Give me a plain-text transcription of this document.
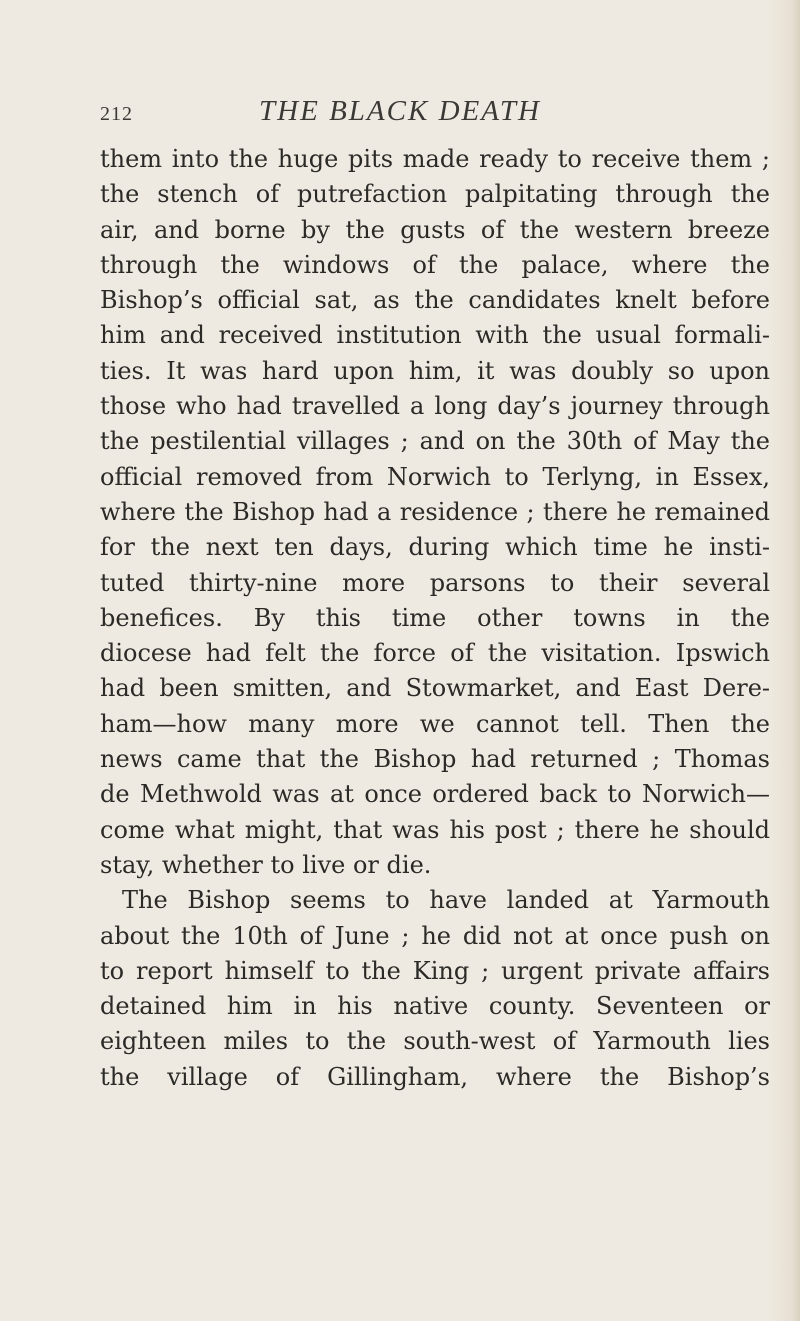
212	THE BLACK DEATH
them into the huge pits made ready to receive them ;
the stench of putrefaction palpitating through the
air, and borne by the gusts of the western breeze
through the windows of the palace, where the
Bishop’s official sat, as the candidates knelt before
him and received institution with the usual formali-
ties. It was hard upon him, it was doubly so upon
those who had travelled a long day’s journey through
the pestilential villages ; and on the 30th of May the
official removed from Norwich to Terlyng, in Essex,
where the Bishop had a residence ; there he remained
for the next ten days, during which time he insti-
tuted thirty-nine more parsons to their several
benefices. By this time other towns in the
diocese had felt the force of the visitation. Ipswich
had been smitten, and Stowmarket, and East Dere-
ham—how many more we cannot tell. Then the
news came that the Bishop had returned ; Thomas
de Methwold was at once ordered back to Norwich—
come what might, that was his post ; there he should
stay, whether to live or die.
The Bishop seems to have landed at Yarmouth
about the 10th of June ; he did not at once push on
to report himself to the King ; urgent private affairs
detained him in his native county. Seventeen or
eighteen miles to the south-west of Yarmouth lies
the village of Gillingham, where the Bishop’s
